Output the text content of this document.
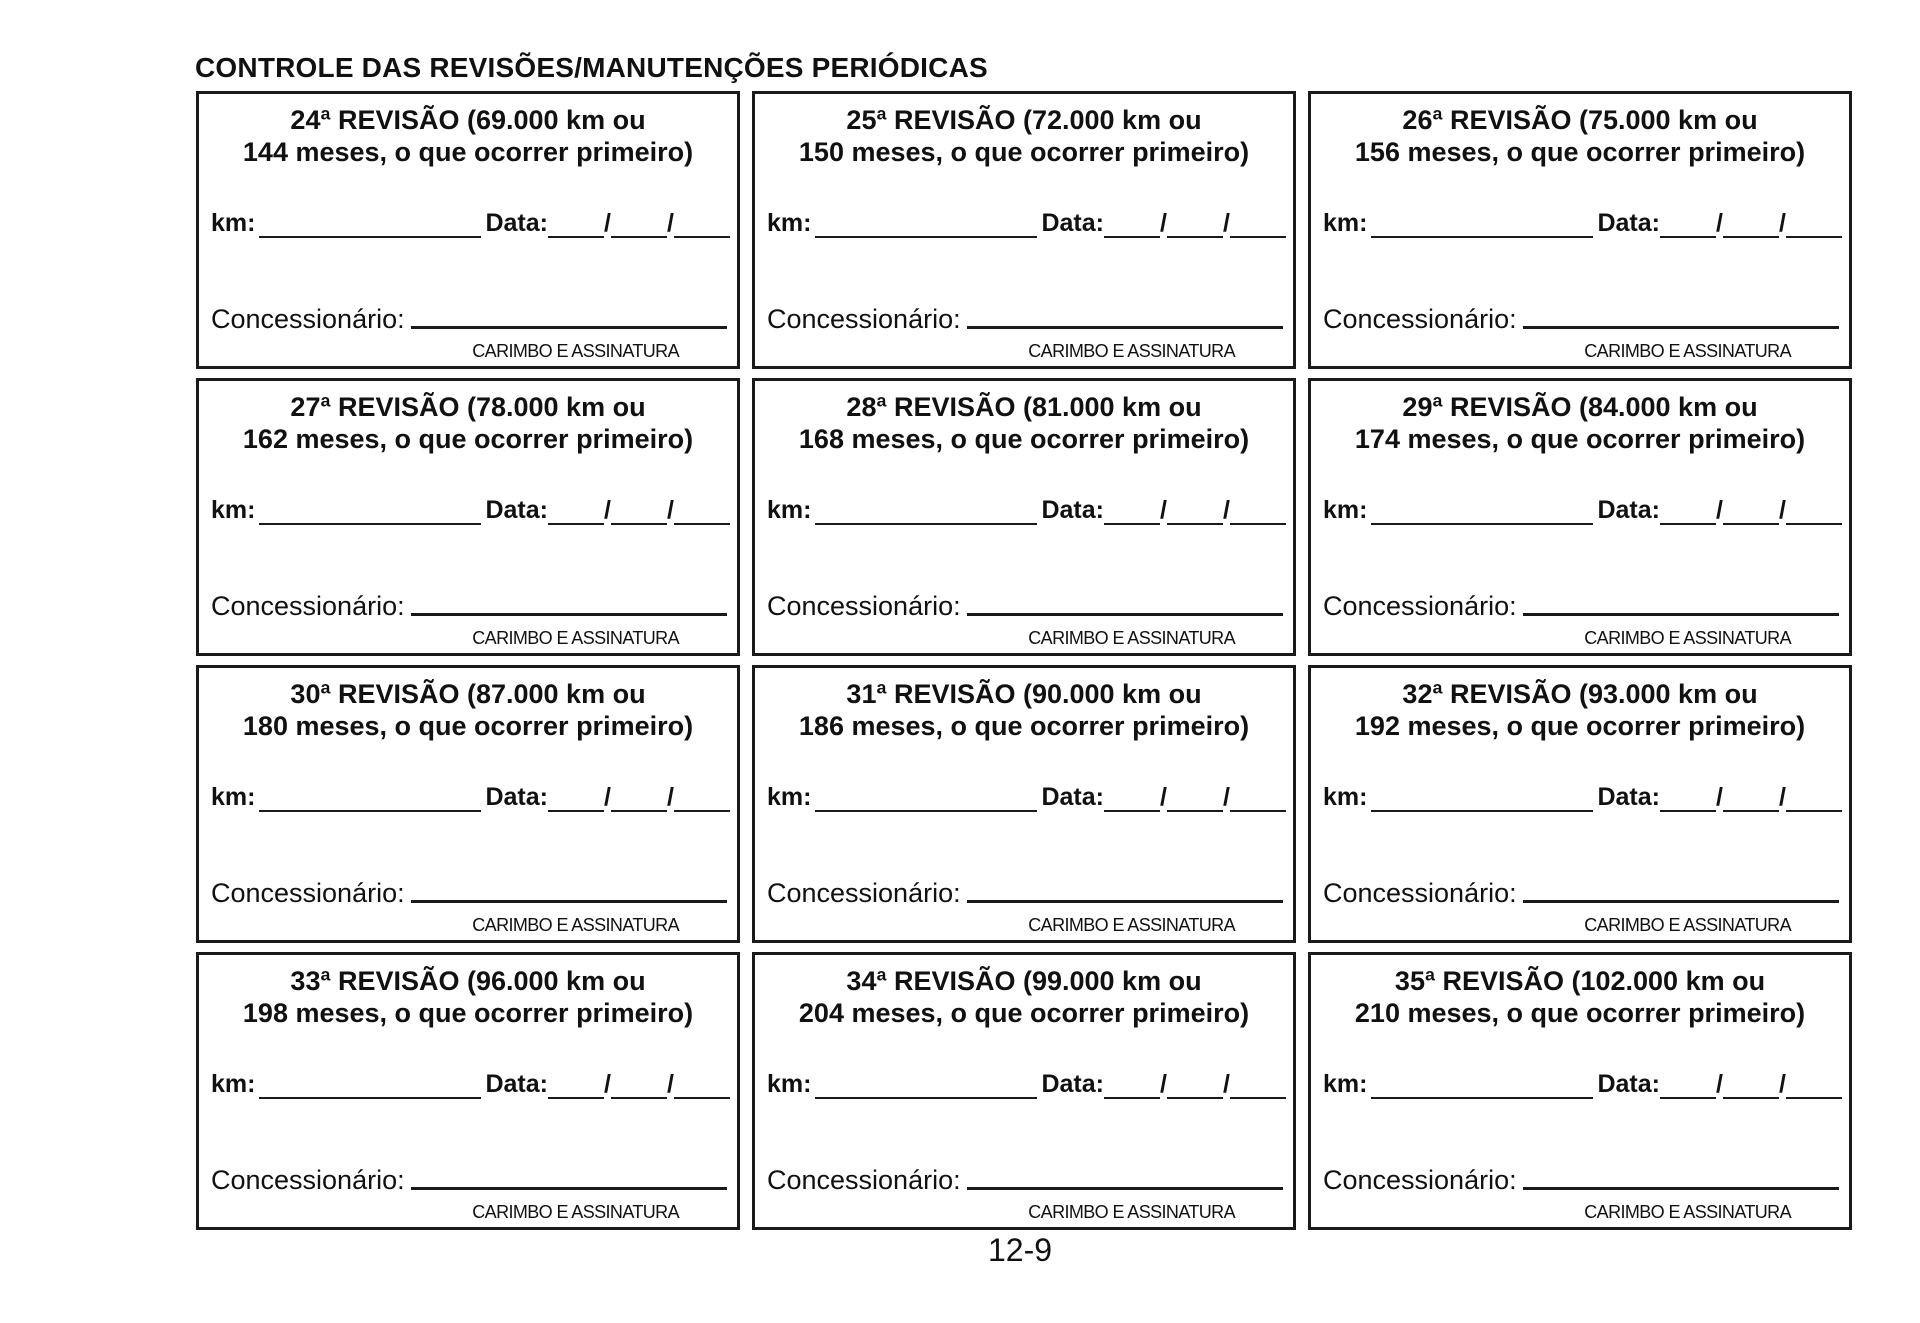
CONTROLE DAS REVISÕES/MANUTENÇÕES PERIÓDICAS
24ª REVISÃO (69.000 km ou
144 meses, o que ocorrer primeiro)
km:	Data: / /
Concessionário:
CARIMBO E ASSINATURA
25ª REVISÃO (72.000 km ou
150 meses, o que ocorrer primeiro)
km:	Data: / /
Concessionário:
CARIMBO E ASSINATURA
26ª REVISÃO (75.000 km ou
156 meses, o que ocorrer primeiro)
km:	Data: / /
Concessionário:
CARIMBO E ASSINATURA
27ª REVISÃO (78.000 km ou
162 meses, o que ocorrer primeiro)
km:	Data: / /
Concessionário:
CARIMBO E ASSINATURA
28ª REVISÃO (81.000 km ou
168 meses, o que ocorrer primeiro)
km:	Data: / /
Concessionário:
CARIMBO E ASSINATURA
29ª REVISÃO (84.000 km ou
174 meses, o que ocorrer primeiro)
km:	Data: / /
Concessionário:
CARIMBO E ASSINATURA
30ª REVISÃO (87.000 km ou
180 meses, o que ocorrer primeiro)
km:	Data: / /
Concessionário:
CARIMBO E ASSINATURA
31ª REVISÃO (90.000 km ou
186 meses, o que ocorrer primeiro)
km:	Data: / /
Concessionário:
CARIMBO E ASSINATURA
32ª REVISÃO (93.000 km ou
192 meses, o que ocorrer primeiro)
km:	Data: / /
Concessionário:
CARIMBO E ASSINATURA
33ª REVISÃO (96.000 km ou
198 meses, o que ocorrer primeiro)
km:	Data: / /
Concessionário:
CARIMBO E ASSINATURA
34ª REVISÃO (99.000 km ou
204 meses, o que ocorrer primeiro)
km:	Data: / /
Concessionário:
CARIMBO E ASSINATURA
35ª REVISÃO (102.000 km ou
210 meses, o que ocorrer primeiro)
km:	Data: / /
Concessionário:
CARIMBO E ASSINATURA
12-9
